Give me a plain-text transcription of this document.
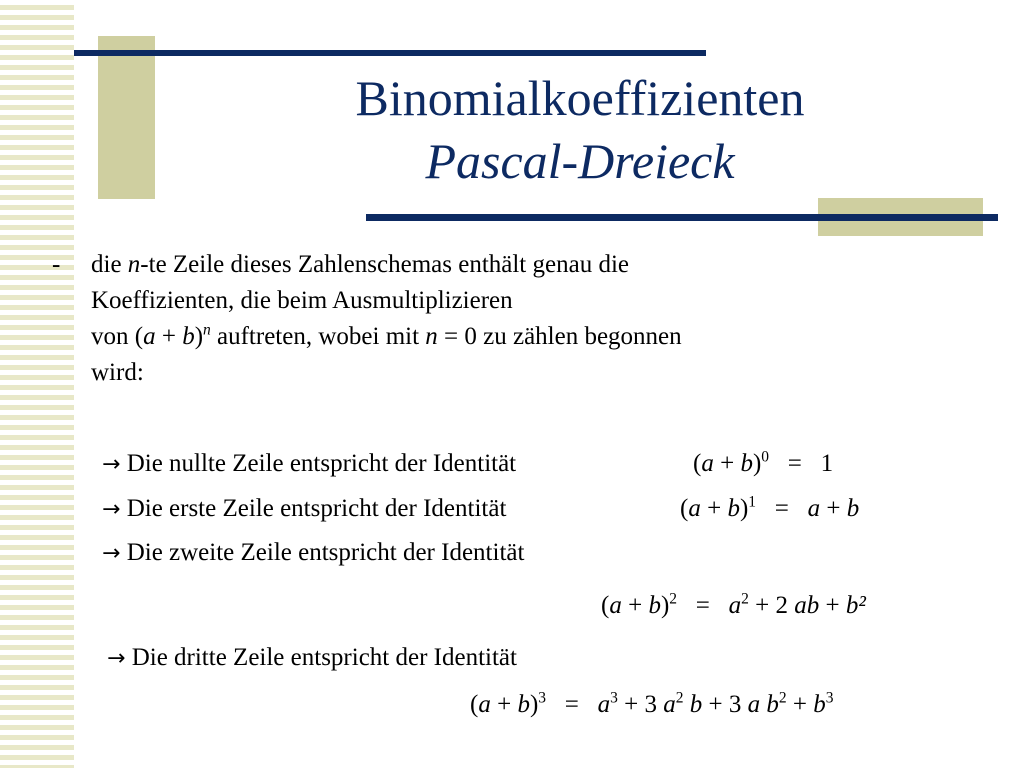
Binomialkoeffizienten
Pascal-Dreieck
- die n-te Zeile dieses Zahlenschemas enthält genau die
Koeffizienten, die beim Ausmultiplizieren
von $(a + b)^n$ auftreten, wobei mit n = 0 zu zählen begonnen
wird:
→ Die nullte Zeile entspricht der Identität	$(a + b)^0 = 1$
→ Die erste Zeile entspricht der Identität	$(a + b)^1 = a + b$
→ Die zweite Zeile entspricht der Identität
$(a + b)^2 = a^2 + 2$ ab + b²
→ Die dritte Zeile entspricht der Identität
$(a + b)^3 = a^3 + 3$ $a^2$ b + 3 a $b^2 + b^3$
